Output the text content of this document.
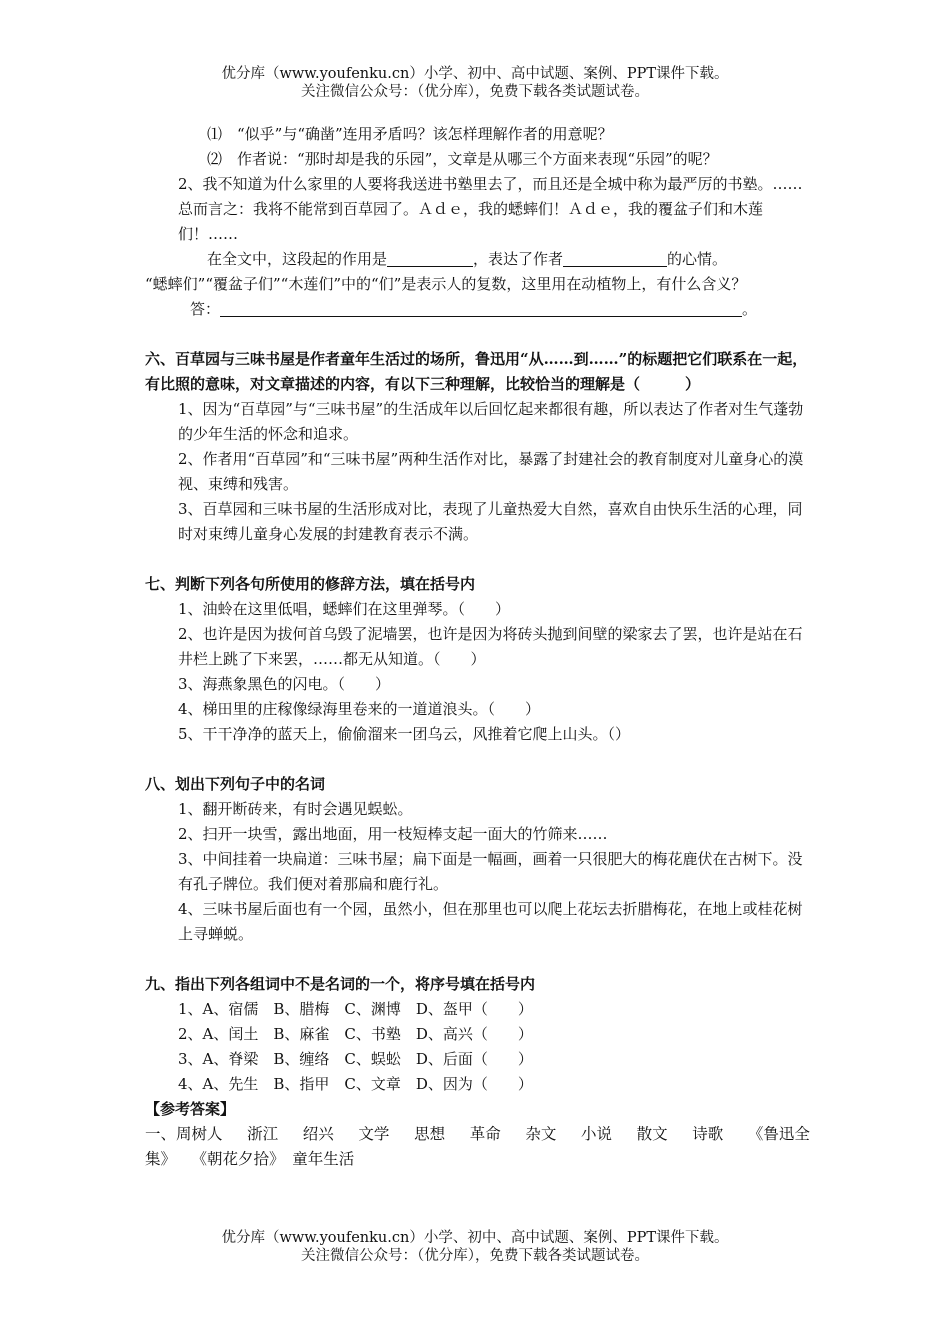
优分库（www.youfenku.cn）小学、初中、高中试题、案例、PPT课件下载。
关注微信公众号：（优分库），免费下载各类试题试卷。

⑴　“似乎”与“确凿”连用矛盾吗？该怎样理解作者的用意呢？

⑵　作者说：“那时却是我的乐园”，文章是从哪三个方面来表现“乐园”的呢？

2、我不知道为什么家里的人要将我送进书塾里去了，而且还是全城中称为最严厉的书塾。……总而言之：我将不能常到百草园了。Ａｄｅ，我的蟋蟀们！Ａｄｅ，我的覆盆子们和木莲们！……

在全文中，这段起的作用是	，表达了作者	的心情。

“蟋蟀们”“覆盆子们”“木莲们”中的“们”是表示人的复数，这里用在动植物上，有什么含义？

答：	。

六、百草园与三味书屋是作者童年生活过的场所，鲁迅用“从……到……”的标题把它们联系在一起，有比照的意味，对文章描述的内容，有以下三种理解，比较恰当的理解是（　　　）

1、因为“百草园”与“三味书屋”的生活成年以后回忆起来都很有趣，所以表达了作者对生气蓬勃的少年生活的怀念和追求。

2、作者用“百草园”和“三味书屋”两种生活作对比，暴露了封建社会的教育制度对儿童身心的漠视、束缚和残害。

3、百草园和三味书屋的生活形成对比，表现了儿童热爱大自然，喜欢自由快乐生活的心理，同时对束缚儿童身心发展的封建教育表示不满。

七、判断下列各句所使用的修辞方法，填在括号内

1、油蛉在这里低唱，蟋蟀们在这里弹琴。（　　）

2、也许是因为拔何首乌毁了泥墙罢，也许是因为将砖头抛到间壁的梁家去了罢，也许是站在石井栏上跳了下来罢，……都无从知道。（　　）

3、海燕象黑色的闪电。（　　）

4、梯田里的庄稼像绿海里卷来的一道道浪头。（　　）

5、干干净净的蓝天上，偷偷溜来一团乌云，风推着它爬上山头。（）

八、划出下列句子中的名词

1、翻开断砖来，有时会遇见蜈蚣。

2、扫开一块雪，露出地面，用一枝短棒支起一面大的竹筛来……

3、中间挂着一块扁道：三味书屋；扁下面是一幅画，画着一只很肥大的梅花鹿伏在古树下。没有孔子牌位。我们便对着那扁和鹿行礼。

4、三味书屋后面也有一个园，虽然小，但在那里也可以爬上花坛去折腊梅花，在地上或桂花树上寻蝉蜕。

九、指出下列各组词中不是名词的一个，将序号填在括号内

1、A、宿儒　B、腊梅　C、渊博　D、盔甲（　　）

2、A、闰土　B、麻雀　C、书塾　D、高兴（　　）

3、A、脊梁　B、缠络　C、蜈蚣　D、后面（　　）

4、A、先生　B、指甲　C、文章　D、因为（　　）

【参考答案】

一、周树人 浙江 绍兴 文学 思想 革命 杂文 小说 散文 诗歌 《鲁迅全

集》　　《朝花夕拾》　童年生活

优分库（www.youfenku.cn）小学、初中、高中试题、案例、PPT课件下载。
关注微信公众号：（优分库），免费下载各类试题试卷。
